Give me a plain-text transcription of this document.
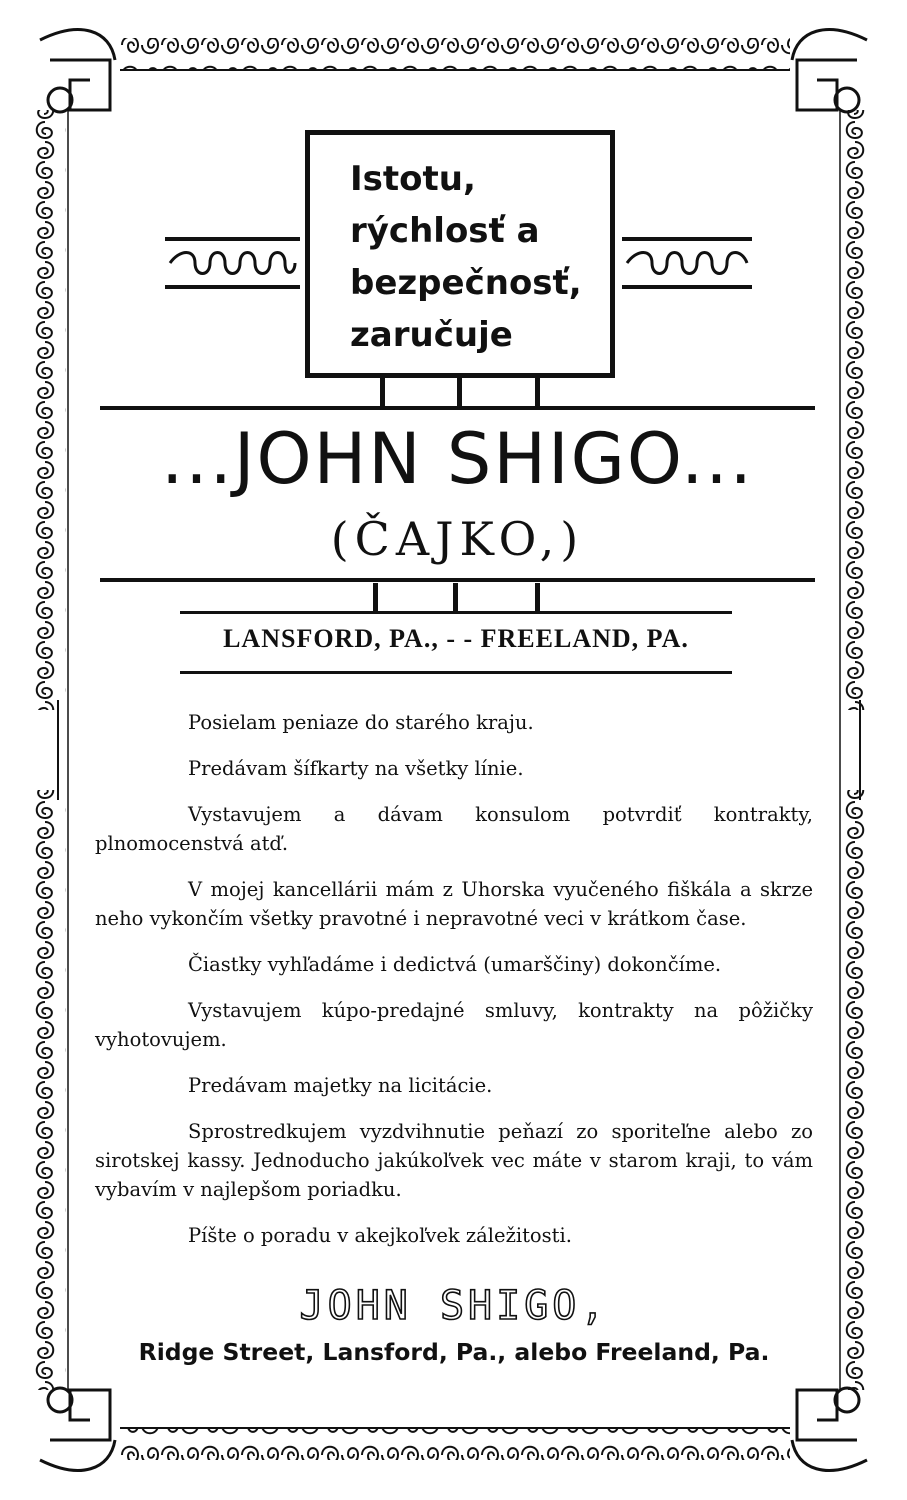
Istotu,
rýchlosť a
bezpečnosť,
zaručuje
...JOHN SHIGO...
(ČAJKO,)
LANSFORD, PA., - - FREELAND, PA.

Posielam peniaze do starého kraju.

Predávam šífkarty na všetky línie.

Vystavujem a dávam konsulom potvrdiť kontrakty, plnomocenstvá atď.

V mojej kancellárii mám z Uhorska vyučeného fiškála a skrze neho vykončím všetky pravotné i nepravotné veci v krátkom čase.

Čiastky vyhľadáme i dedictvá (umarščiny) dokončíme.

Vystavujem kúpo-predajné smluvy, kontrakty na pôžičky vyhotovujem.

Predávam majetky na licitácie.

Sprostredkujem vyzdvihnutie peňazí zo sporiteľne alebo zo sirotskej kassy. Jednoducho jakúkoľvek vec máte v starom kraji, to vám vybavím v najlepšom poriadku.

Píšte o poradu v akejkoľvek záležitosti.

JOHN SHIGO,
Ridge Street, Lansford, Pa., alebo Freeland, Pa.
